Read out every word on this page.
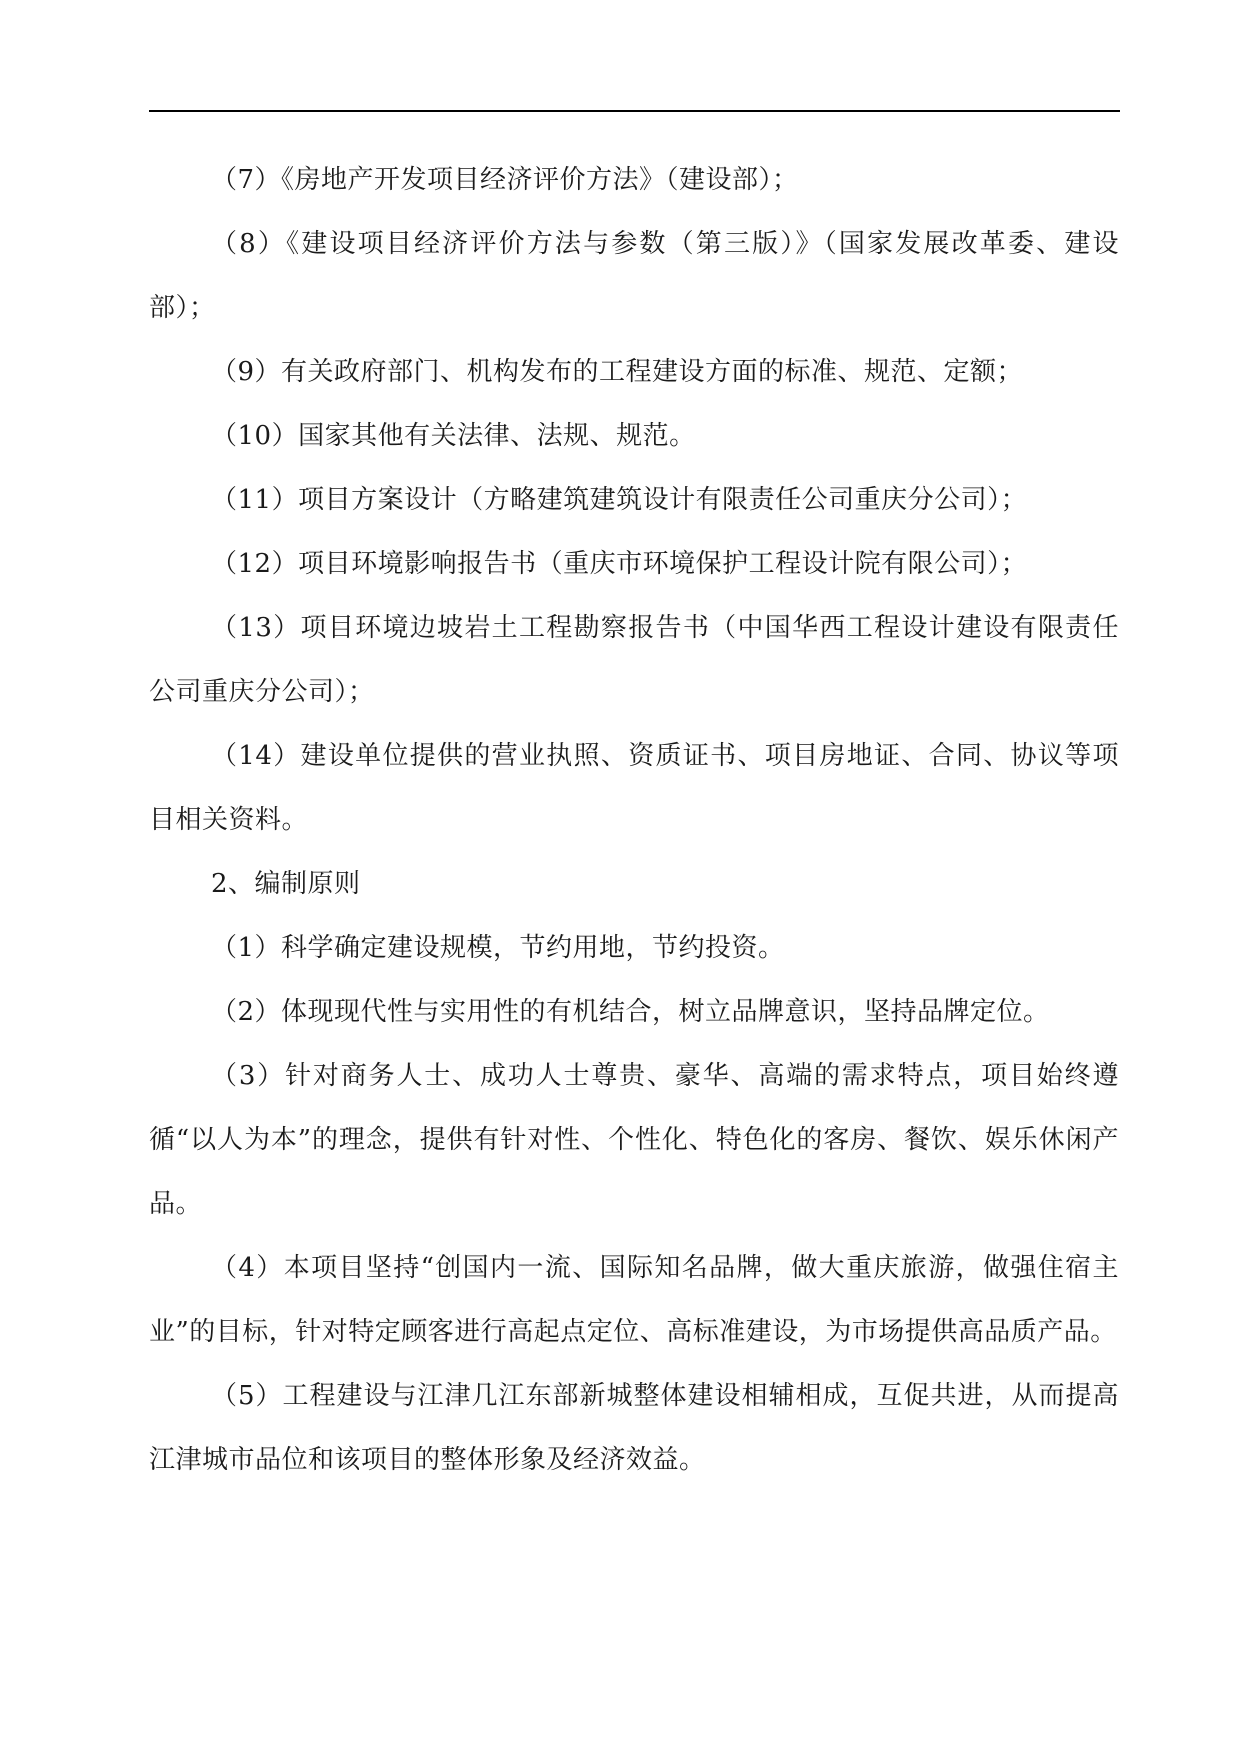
（7）《房地产开发项目经济评价方法》（建设部）；

（8）《建设项目经济评价方法与参数（第三版）》（国家发展改革委、建设部）；

（9）有关政府部门、机构发布的工程建设方面的标准、规范、定额；

（10）国家其他有关法律、法规、规范。

（11）项目方案设计（方略建筑建筑设计有限责任公司重庆分公司）；

（12）项目环境影响报告书（重庆市环境保护工程设计院有限公司）；

（13）项目环境边坡岩土工程勘察报告书（中国华西工程设计建设有限责任公司重庆分公司）；

（14）建设单位提供的营业执照、资质证书、项目房地证、合同、协议等项目相关资料。

2、编制原则

（1）科学确定建设规模，节约用地，节约投资。

（2）体现现代性与实用性的有机结合，树立品牌意识，坚持品牌定位。

（3）针对商务人士、成功人士尊贵、豪华、高端的需求特点，项目始终遵循“以人为本”的理念，提供有针对性、个性化、特色化的客房、餐饮、娱乐休闲产品。

（4）本项目坚持“创国内一流、国际知名品牌，做大重庆旅游，做强住宿主业”的目标，针对特定顾客进行高起点定位、高标准建设，为市场提供高品质产品。

（5）工程建设与江津几江东部新城整体建设相辅相成，互促共进，从而提高江津城市品位和该项目的整体形象及经济效益。
